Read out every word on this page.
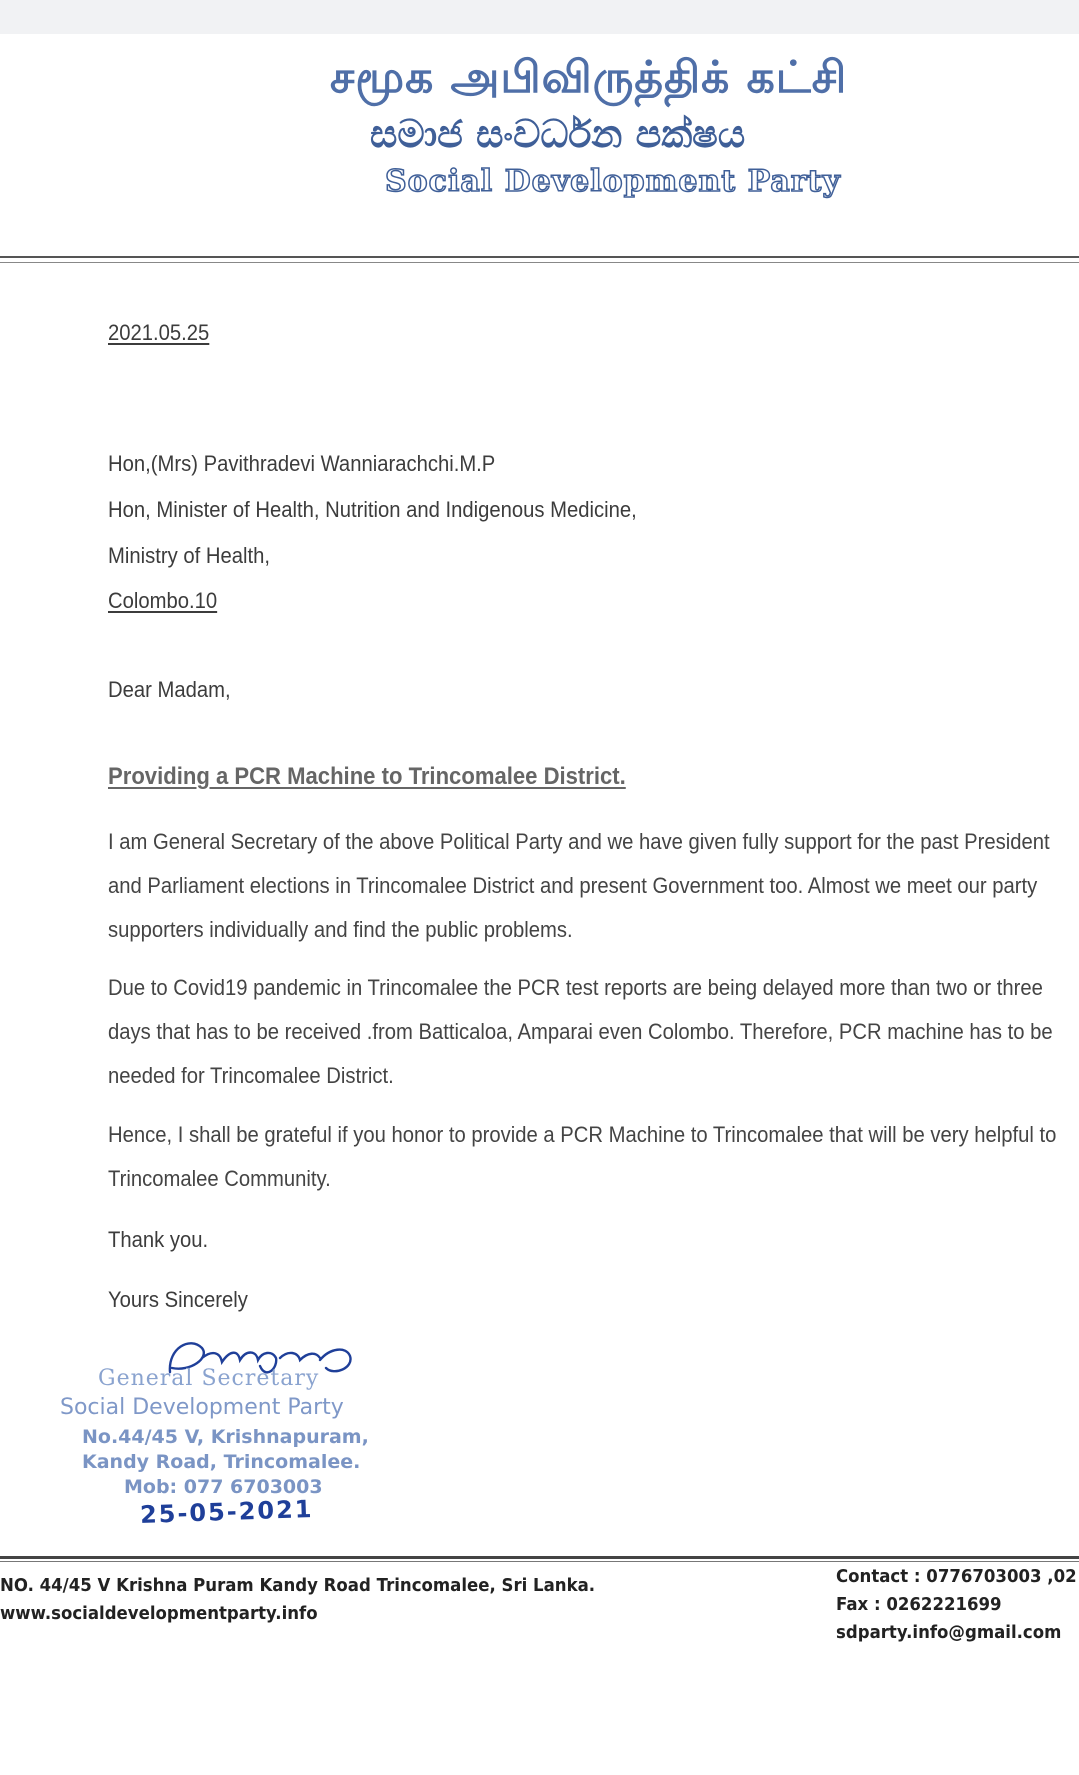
சமூக அபிவிருத்திக் கட்சி
සමාජ සංවර්ධන පක්ෂය
Social Development Party
2021.05.25
Hon,(Mrs) Pavithradevi Wanniarachchi.M.P
Hon, Minister of Health, Nutrition and Indigenous Medicine,
Ministry of Health,
Colombo.10
Dear Madam,
Providing a PCR Machine to Trincomalee District.
I am General Secretary of the above Political Party and we have given fully support for the past President
and Parliament elections in Trincomalee District and present Government too. Almost we meet our party
supporters individually and find the public problems.
Due to Covid19 pandemic in Trincomalee the PCR test reports are being delayed more than two or three
days that has to be received .from Batticaloa, Amparai even Colombo. Therefore, PCR machine has to be
needed for Trincomalee District.
Hence, I shall be grateful if you honor to provide a PCR Machine to Trincomalee that will be very helpful to
Trincomalee Community.
Thank you.
Yours Sincerely
General Secretary
Social Development Party
No.44/45 V, Krishnapuram,
Kandy Road, Trincomalee.
Mob: 077 6703003
25-05-2021
NO. 44/45 V Krishna Puram Kandy Road Trincomalee, Sri Lanka.
www.socialdevelopmentparty.info
Contact : 0776703003 ,02
Fax : 0262221699
sdparty.info@gmail.com
